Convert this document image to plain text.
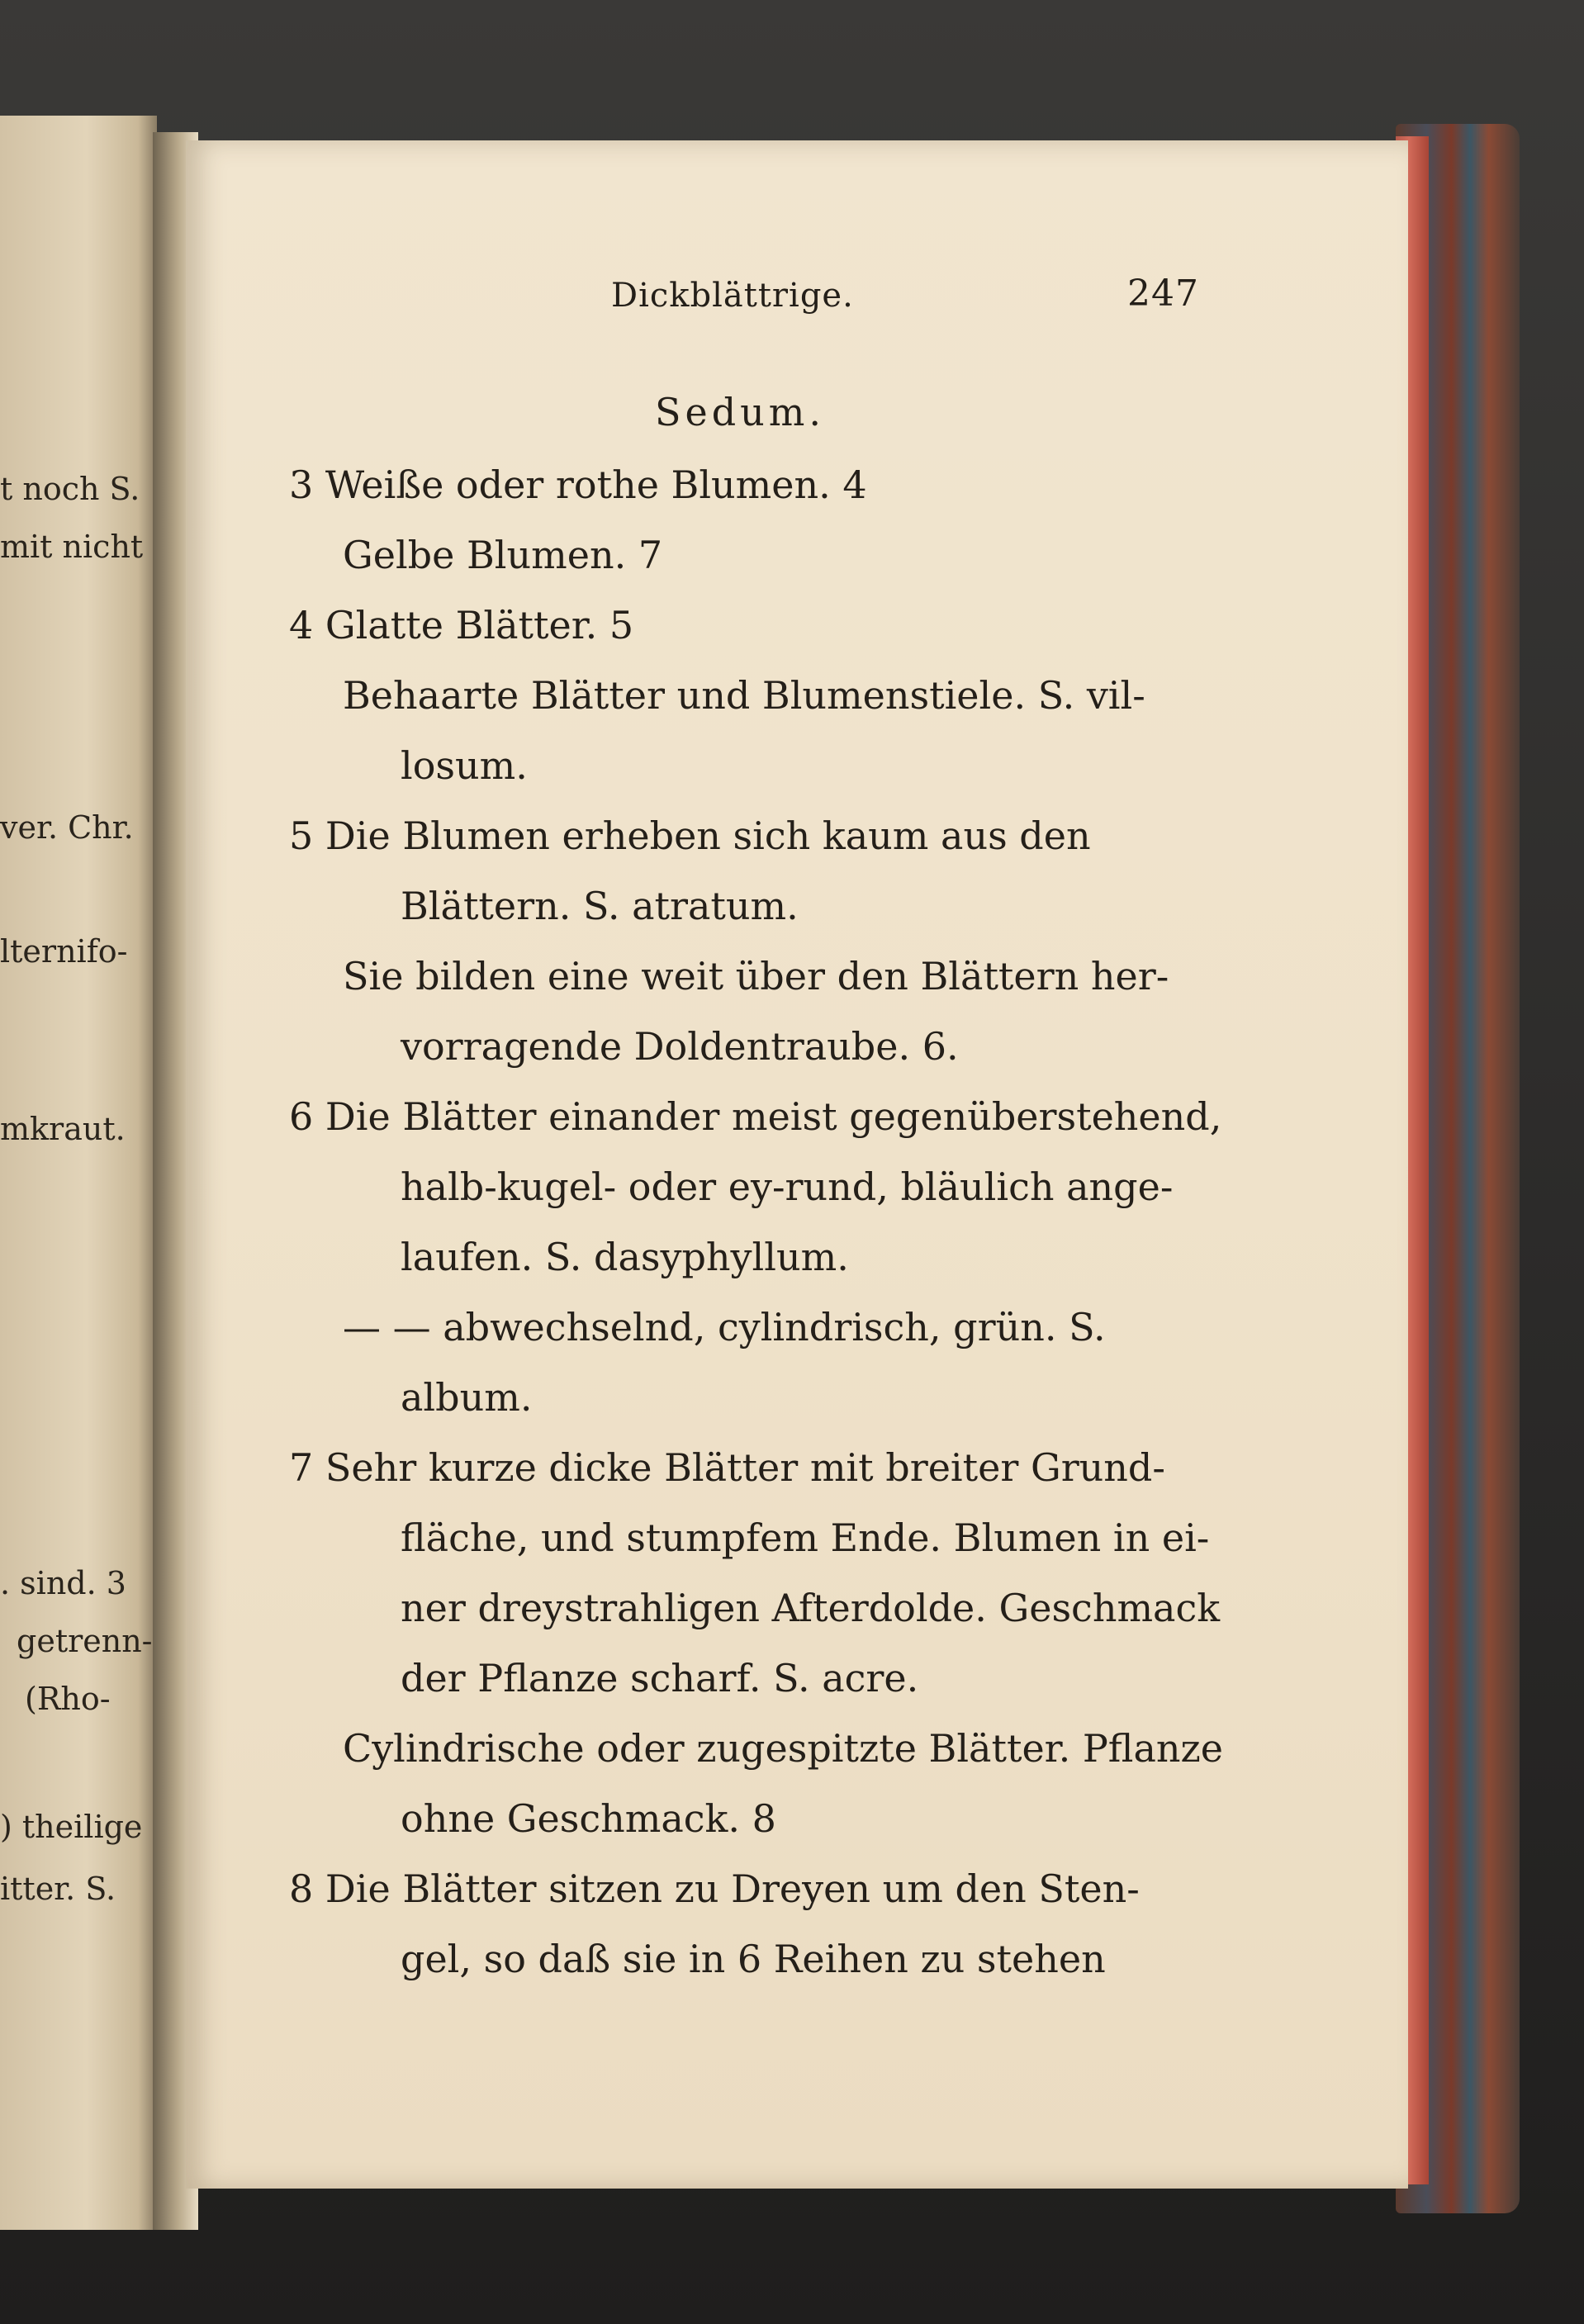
t noch S.
mit nicht
ver. Chr.
lternifo-
mkraut.
. sind. 3
getrenn-
(Rho-
) theilige
itter. S.
Dickblättrige.	247
Sedum.
3 Weiße oder rothe Blumen. 4
Gelbe Blumen. 7
4 Glatte Blätter. 5
Behaarte Blätter und Blumenstiele. S. vil-
losum.
5 Die Blumen erheben sich kaum aus den
Blättern. S. atratum.
Sie bilden eine weit über den Blättern her-
vorragende Doldentraube. 6.
6 Die Blätter einander meist gegenüberstehend,
halb-kugel- oder ey-rund, bläulich ange-
laufen. S. dasyphyllum.
— — abwechselnd, cylindrisch, grün. S.
album.
7 Sehr kurze dicke Blätter mit breiter Grund-
fläche, und stumpfem Ende. Blumen in ei-
ner dreystrahligen Afterdolde. Geschmack
der Pflanze scharf. S. acre.
Cylindrische oder zugespitzte Blätter. Pflanze
ohne Geschmack. 8
8 Die Blätter sitzen zu Dreyen um den Sten-
gel, so daß sie in 6 Reihen zu stehen
